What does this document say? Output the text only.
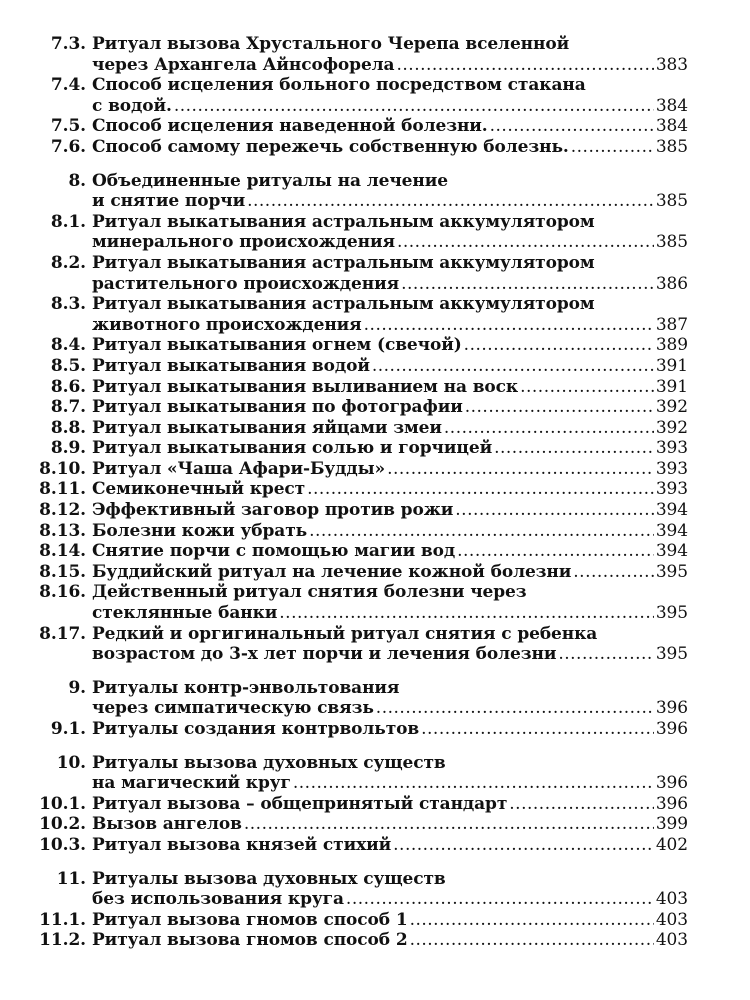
7.3. Ритуал вызова Хрустального Черепа вселенной
через Архангела Айнсофорела .....	383
7.4. Способ исцеления больного посредством стакана
с водой. .....	384
7.5. Способ исцеления наведенной болезни. .....	384
7.6. Способ самому пережечь собственную болезнь. .....	385
8. Объединенные ритуалы на лечение
и снятие порчи .....	385
8.1. Ритуал выкатывания астральным аккумулятором
минерального происхождения .....	385
8.2. Ритуал выкатывания астральным аккумулятором
растительного происхождения .....	386
8.3. Ритуал выкатывания астральным аккумулятором
животного происхождения .....	387
8.4. Ритуал выкатывания огнем (свечой) .....	389
8.5. Ритуал выкатывания водой .....	391
8.6. Ритуал выкатывания выливанием на воск .....	391
8.7. Ритуал выкатывания по фотографии .....	392
8.8. Ритуал выкатывания яйцами змеи .....	392
8.9. Ритуал выкатывания солью и горчицей .....	393
8.10. Ритуал «Чаша Афари-Будды» .....	393
8.11. Семиконечный крест .....	393
8.12. Эффективный заговор против рожи .....	394
8.13. Болезни кожи убрать .....	394
8.14. Снятие порчи с помощью магии вод .....	394
8.15. Буддийский ритуал на лечение кожной болезни .....	395
8.16. Действенный ритуал снятия болезни через
стеклянные банки .....	395
8.17. Редкий и оргигинальный ритуал снятия с ребенка
возрастом до 3-х лет порчи и лечения болезни .....	395
9. Ритуалы контр-энвольтования
через симпатическую связь .....	396
9.1. Ритуалы создания контрвольтов .....	396
10. Ритуалы вызова духовных существ
на магический круг .....	396
10.1. Ритуал вызова – общепринятый стандарт .....	396
10.2. Вызов ангелов .....	399
10.3. Ритуал вызова князей стихий .....	402
11. Ритуалы вызова духовных существ
без использования круга .....	403
11.1. Ритуал вызова гномов способ 1 .....	403
11.2. Ритуал вызова гномов способ 2 .....	403
